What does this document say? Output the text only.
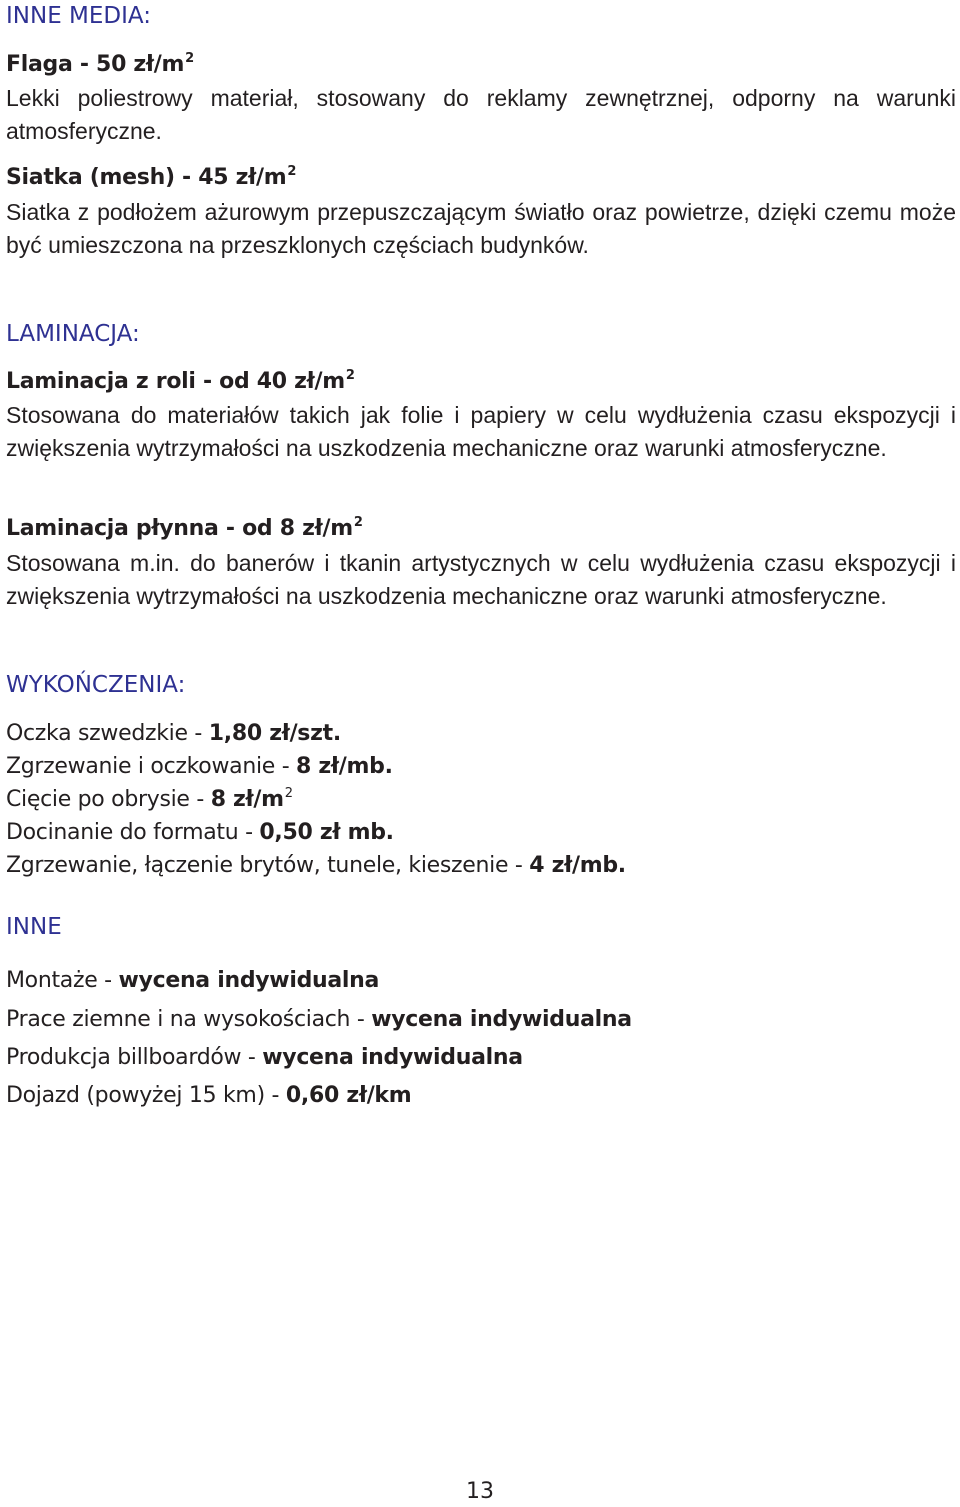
INNE MEDIA:
Flaga - 50 $zł/m^2$

Lekki poliestrowy materiał, stosowany do reklamy zewnętrznej, odporny na warunki atmosferyczne.

Siatka (mesh) - 45 $zł/m^2$

Siatka z podłożem ażurowym przepuszczającym światło oraz powietrze, dzięki czemu może być umieszczona na przeszklonych częściach budynków.

LAMINACJA:
Laminacja z roli - od 40 $zł/m^2$

Stosowana do materiałów takich jak folie i papiery w celu wydłużenia czasu ekspozycji i zwiększenia wytrzymałości na uszkodzenia mechaniczne oraz warunki atmosferyczne.

Laminacja płynna - od 8 $zł/m^2$

Stosowana m.in. do banerów i tkanin artystycznych w celu wydłużenia czasu ekspozycji i zwiększenia wytrzymałości na uszkodzenia mechaniczne oraz warunki atmosferyczne.

WYKOŃCZENIA:
Oczka szwedzkie - 1,80 zł/szt.
Zgrzewanie i oczkowanie - 8 zł/mb.
Cięcie po obrysie - 8 $zł/m^2$
Docinanie do formatu - 0,50 zł mb.
Zgrzewanie, łączenie brytów, tunele, kieszenie - 4 zł/mb.
INNE
Montaże - wycena indywidualna
Prace ziemne i na wysokościach - wycena indywidualna
Produkcja billboardów - wycena indywidualna
Dojazd (powyżej 15 km) - 0,60 zł/km
13
